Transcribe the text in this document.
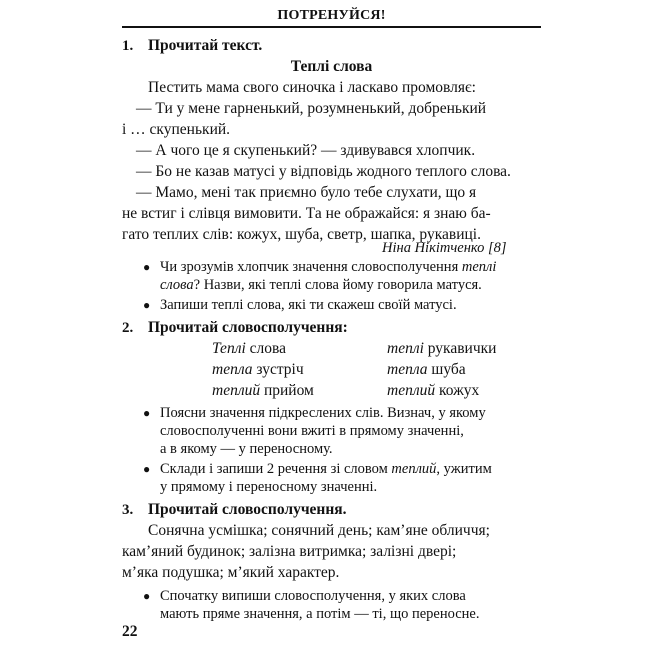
ПОТРЕНУЙСЯ!
1. Прочитай текст.
Теплі слова
Пестить мама свого синочка і ласкаво промовляє:
— Ти у мене гарненький, розумненький, добренький
і … скупенький.
— А чого це я скупенький? — здивувався хлопчик.
— Бо не казав матусі у відповідь жодного теплого слова.
— Мамо, мені так приємно було тебе слухати, що я
не встиг і слівця вимовити. Та не ображайся: я знаю ба-
гато теплих слів: кожух, шуба, светр, шапка, рукавиці.
Ніна Нікітченко [8]
● Чи зрозумів хлопчик значення словосполучення теплі
слова? Назви, які теплі слова йому говорила матуся.
● Запиши теплі слова, які ти скажеш своїй матусі.
2. Прочитай словосполучення:
Теплі слова	теплі рукавички
тепла зустріч	тепла шуба
теплий прийом	теплий кожух
● Поясни значення підкреслених слів. Визнач, у якому
словосполученні вони вжиті в прямому значенні,
а в якому — у переносному.
● Склади і запиши 2 речення зі словом теплий, ужитим
у прямому і переносному значенні.
3. Прочитай словосполучення.
Сонячна усмішка; сонячний день; кам’яне обличчя;
кам’яний будинок; залізна витримка; залізні двері;
м’яка подушка; м’який характер.
● Спочатку випиши словосполучення, у яких слова
мають пряме значення, а потім — ті, що переносне.
22
